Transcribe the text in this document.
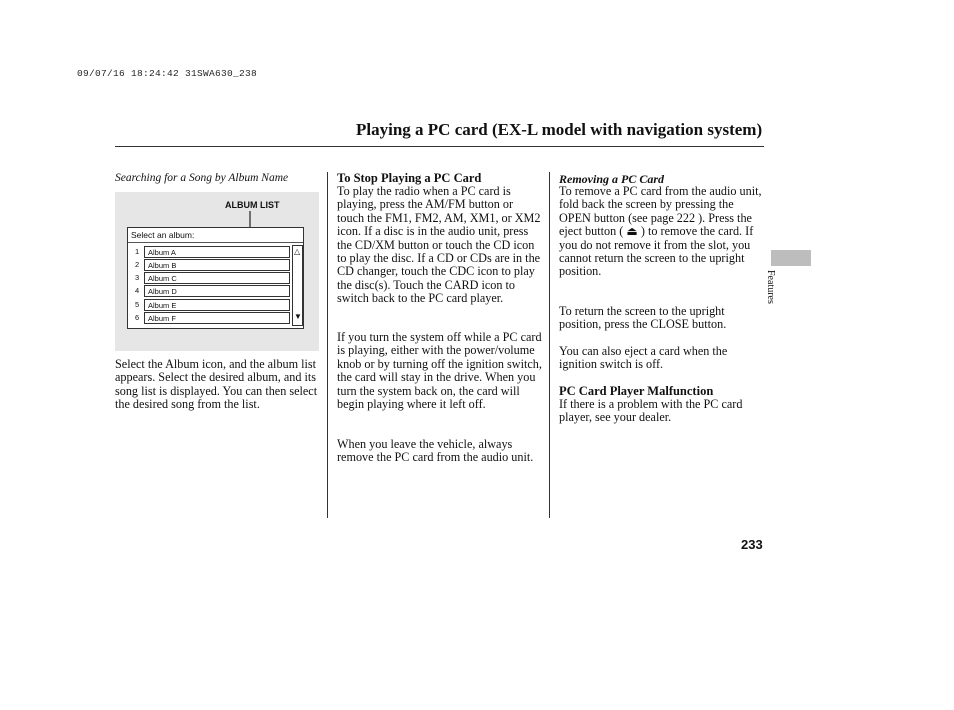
09/07/16 18:24:42 31SWA630_238
Playing a PC card (EX-L model with navigation system)
Searching for a Song by Album Name
ALBUM LIST
Select an album:
1	Album A
2	Album B
3	Album C
4	Album D
5	Album E
6	Album F
△
▼

Select the Album icon, and the album list appears. Select the desired album, and its song list is displayed. You can then select the desired song from the list.

To Stop Playing a PC Card

To play the radio when a PC card is playing, press the AM/FM button or touch the FM1, FM2, AM, XM1, or XM2 icon. If a disc is in the audio unit, press the CD/XM button or touch the CD icon to play the disc. If a CD or CDs are in the CD changer, touch the CDC icon to play the disc(s). Touch the CARD icon to switch back to the PC card player.

If you turn the system off while a PC card is playing, either with the power/volume knob or by turning off the ignition switch, the card will stay in the drive. When you turn the system back on, the card will begin playing where it left off.

When you leave the vehicle, always remove the PC card from the audio unit.

Removing a PC Card

To remove a PC card from the audio unit, fold back the screen by pressing the OPEN button (see page 222 ). Press the eject button ( ⏏ ) to remove the card. If you do not remove it from the slot, you cannot return the screen to the upright position.

To return the screen to the upright position, press the CLOSE button.

You can also eject a card when the ignition switch is off.

PC Card Player Malfunction

If there is a problem with the PC card player, see your dealer.

Features
233
